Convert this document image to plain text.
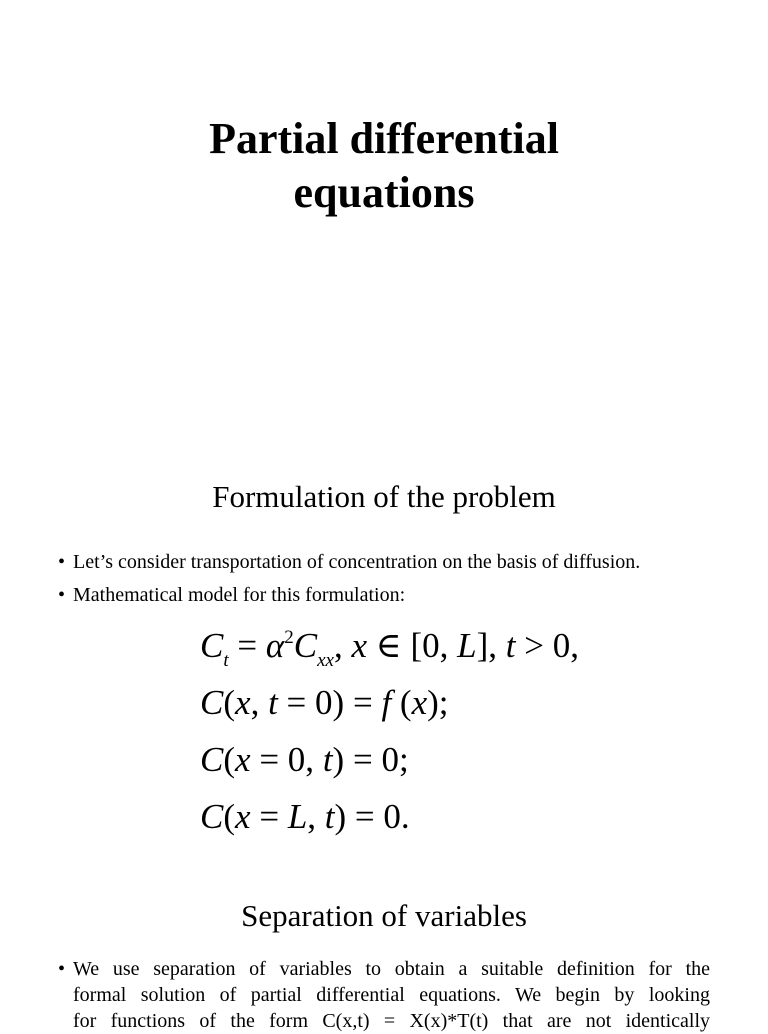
Partial differential
equations
Formulation of the problem
• Let’s consider transportation of concentration on the basis of diffusion.
• Mathematical model for this formulation:
$C_t = \alpha^2C_{xx}$, x ∈ [0, L], t > 0,
C(x, t = 0) = f (x);
C(x = 0, t) = 0;
C(x = L, t) = 0.
Separation of variables
• We use separation of variables to obtain a suitable definition for the
formal solution of partial differential equations. We begin by looking
for functions of the form C(x,t) = X(x)*T(t) that are not identically
